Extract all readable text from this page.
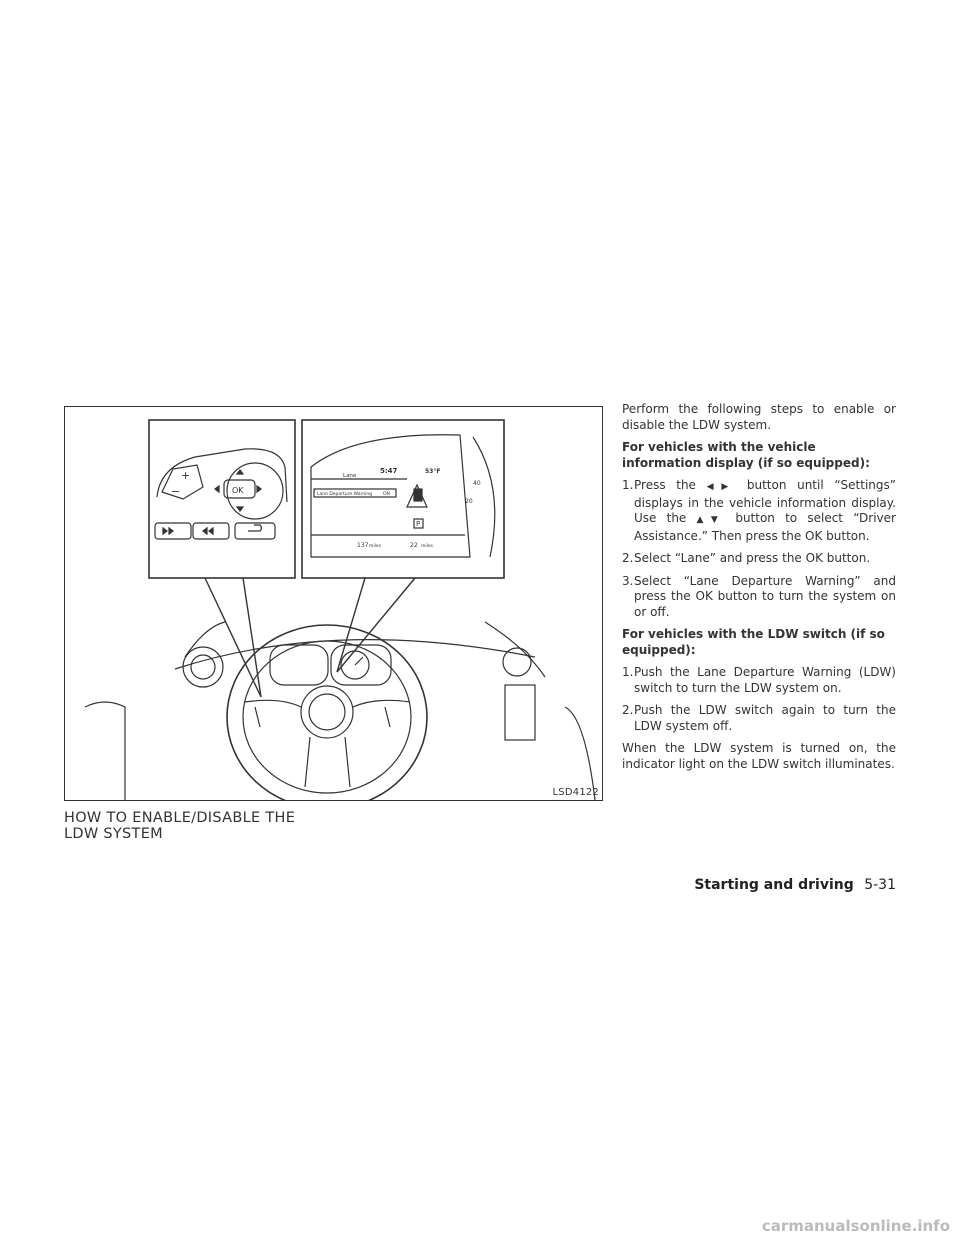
OK
+
−
Lane
5:47	53°F
Lane Departure Warning ON
P
137 miles	22 miles
40
20
LSD4122
HOW TO ENABLE/DISABLE THE
LDW SYSTEM

Perform the following steps to enable or disable the LDW system.

For vehicles with the vehicle information display (if so equipped):

1. Press the ◀▶ button until “Settings” displays in the vehicle information display. Use the ▲▼ button to select “Driver Assistance.” Then press the OK button.
2. Select “Lane” and press the OK button.
3. Select “Lane Departure Warning” and press the OK button to turn the system on or off.

For vehicles with the LDW switch (if so equipped):

1. Push the Lane Departure Warning (LDW) switch to turn the LDW system on.
2. Push the LDW switch again to turn the LDW system off.

When the LDW system is turned on, the indicator light on the LDW switch illuminates.

Starting and driving 5-31
carmanualsonline.info
